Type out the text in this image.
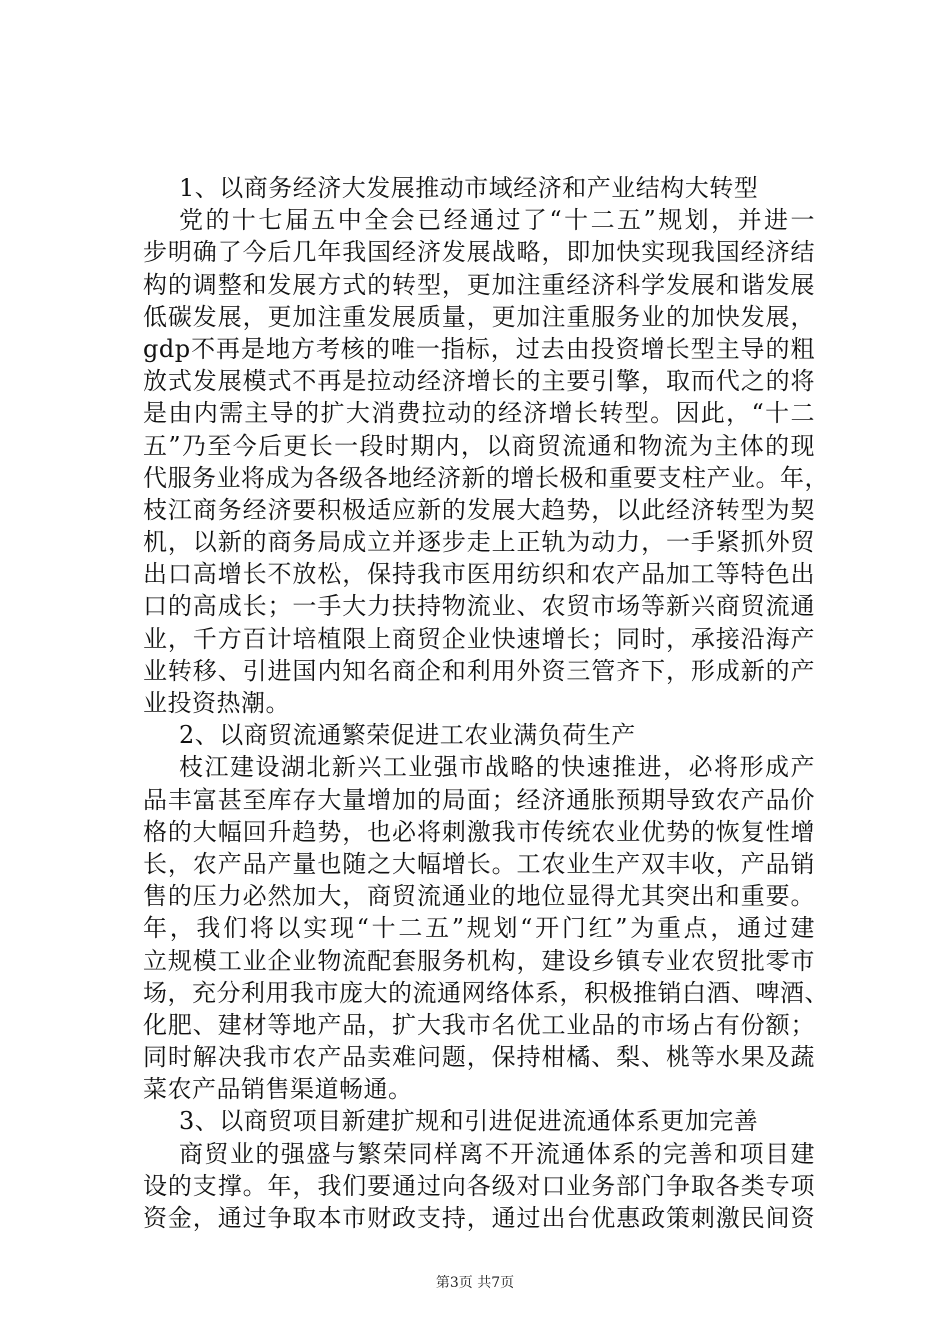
1、以商务经济大发展推动市域经济和产业结构大转型
党的十七届五中全会已经通过了“十二五”规划，并进一
步明确了今后几年我国经济发展战略，即加快实现我国经济结
构的调整和发展方式的转型，更加注重经济科学发展和谐发展
低碳发展，更加注重发展质量，更加注重服务业的加快发展，
gdp不再是地方考核的唯一指标，过去由投资增长型主导的粗
放式发展模式不再是拉动经济增长的主要引擎，取而代之的将
是由内需主导的扩大消费拉动的经济增长转型。因此，“十二
五”乃至今后更长一段时期内，以商贸流通和物流为主体的现
代服务业将成为各级各地经济新的增长极和重要支柱产业。年，
枝江商务经济要积极适应新的发展大趋势，以此经济转型为契
机，以新的商务局成立并逐步走上正轨为动力，一手紧抓外贸
出口高增长不放松，保持我市医用纺织和农产品加工等特色出
口的高成长；一手大力扶持物流业、农贸市场等新兴商贸流通
业，千方百计培植限上商贸企业快速增长；同时，承接沿海产
业转移、引进国内知名商企和利用外资三管齐下，形成新的产
业投资热潮。
2、以商贸流通繁荣促进工农业满负荷生产
枝江建设湖北新兴工业强市战略的快速推进，必将形成产
品丰富甚至库存大量增加的局面；经济通胀预期导致农产品价
格的大幅回升趋势，也必将刺激我市传统农业优势的恢复性增
长，农产品产量也随之大幅增长。工农业生产双丰收，产品销
售的压力必然加大，商贸流通业的地位显得尤其突出和重要。
年，我们将以实现“十二五”规划“开门红”为重点，通过建
立规模工业企业物流配套服务机构，建设乡镇专业农贸批零市
场，充分利用我市庞大的流通网络体系，积极推销白酒、啤酒、
化肥、建材等地产品，扩大我市名优工业品的市场占有份额；
同时解决我市农产品卖难问题，保持柑橘、梨、桃等水果及蔬
菜农产品销售渠道畅通。
3、以商贸项目新建扩规和引进促进流通体系更加完善
商贸业的强盛与繁荣同样离不开流通体系的完善和项目建
设的支撑。年，我们要通过向各级对口业务部门争取各类专项
资金，通过争取本市财政支持，通过出台优惠政策刺激民间资
第3页 共7页
